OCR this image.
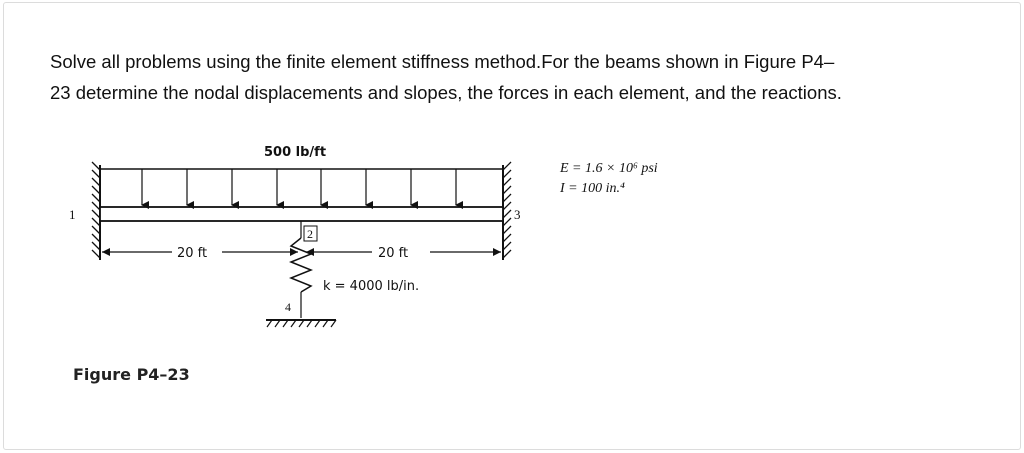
Solve all problems using the finite element stiffness method.For the beams shown in Figure P4–

23 determine the nodal displacements and slopes, the forces in each element, and the reactions.

500 lb/ft
20 ft	20 ft
k = 4000 lb/in.
1
2
3
4
E = 1.6 × 10⁶ psi
I = 100 in.⁴
Figure P4–23
